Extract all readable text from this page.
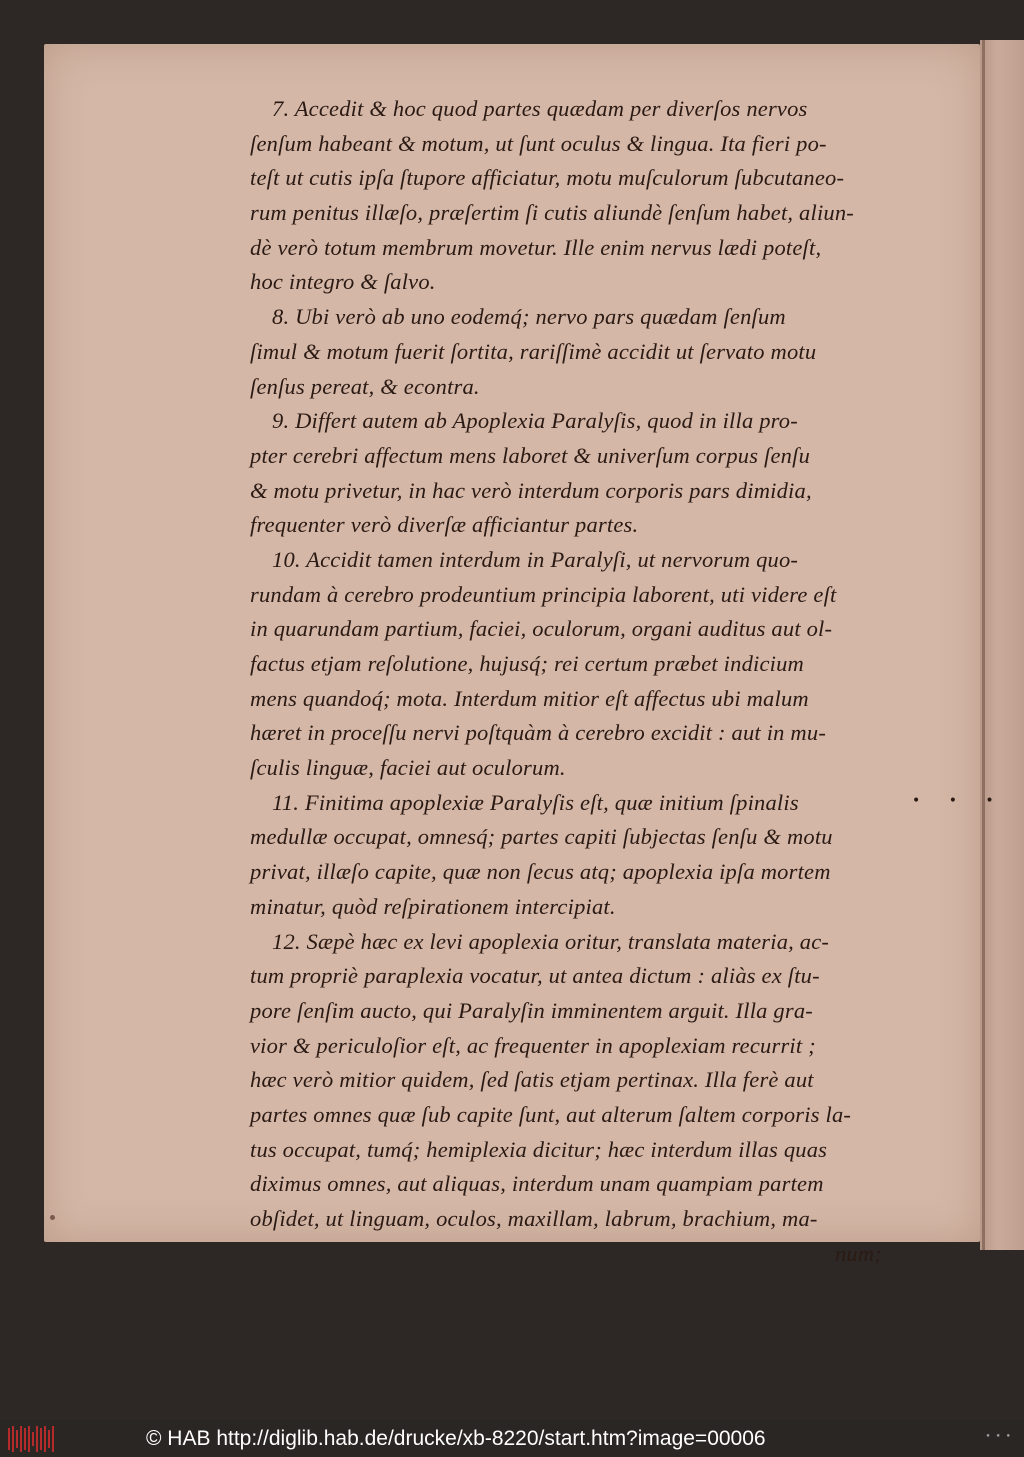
7. Accedit & hoc quod partes quædam per diverſos nervos
ſenſum habeant & motum, ut ſunt oculus & lingua. Ita fieri po-
teſt ut cutis ipſa ſtupore afficiatur, motu muſculorum ſubcutaneo-
rum penitus illæſo, præſertim ſi cutis aliundè ſenſum habet, aliun-
dè verò totum membrum movetur. Ille enim nervus lædi poteſt,
hoc integro & ſalvo.
8. Ubi verò ab uno eodemq́; nervo pars quædam ſenſum
ſimul & motum fuerit ſortita, rariſſimè accidit ut ſervato motu
ſenſus pereat, & econtra.
9. Differt autem ab Apoplexia Paralyſis, quod in illa pro-
pter cerebri affectum mens laboret & univerſum corpus ſenſu
& motu privetur, in hac verò interdum corporis pars dimidia,
frequenter verò diverſæ afficiantur partes.
10. Accidit tamen interdum in Paralyſi, ut nervorum quo-
rundam à cerebro prodeuntium principia laborent, uti videre eſt
in quarundam partium, faciei, oculorum, organi auditus aut ol-
factus etjam reſolutione, hujusq́; rei certum præbet indicium
mens quandoq́; mota. Interdum mitior eſt affectus ubi malum
hæret in proceſſu nervi poſtquàm à cerebro excidit : aut in mu-
ſculis linguæ, faciei aut oculorum.
11. Finitima apoplexiæ Paralyſis eſt, quæ initium ſpinalis
medullæ occupat, omnesq́; partes capiti ſubjectas ſenſu & motu
privat, illæſo capite, quæ non ſecus atq; apoplexia ipſa mortem
minatur, quòd reſpirationem intercipiat.
12. Sæpè hæc ex levi apoplexia oritur, translata materia, ac-
tum propriè paraplexia vocatur, ut antea dictum : aliàs ex ſtu-
pore ſenſim aucto, qui Paralyſin imminentem arguit. Illa gra-
vior & periculoſior eſt, ac frequenter in apoplexiam recurrit ;
hæc verò mitior quidem, ſed ſatis etjam pertinax. Illa ferè aut
partes omnes quæ ſub capite ſunt, aut alterum ſaltem corporis la-
tus occupat, tumq́; hemiplexia dicitur; hæc interdum illas quas
diximus omnes, aut aliquas, interdum unam quampiam partem
obſidet, ut linguam, oculos, maxillam, labrum, brachium, ma-
num;
• • •
© HAB http://diglib.hab.de/drucke/xb-8220/start.htm?image=00006	• • •
